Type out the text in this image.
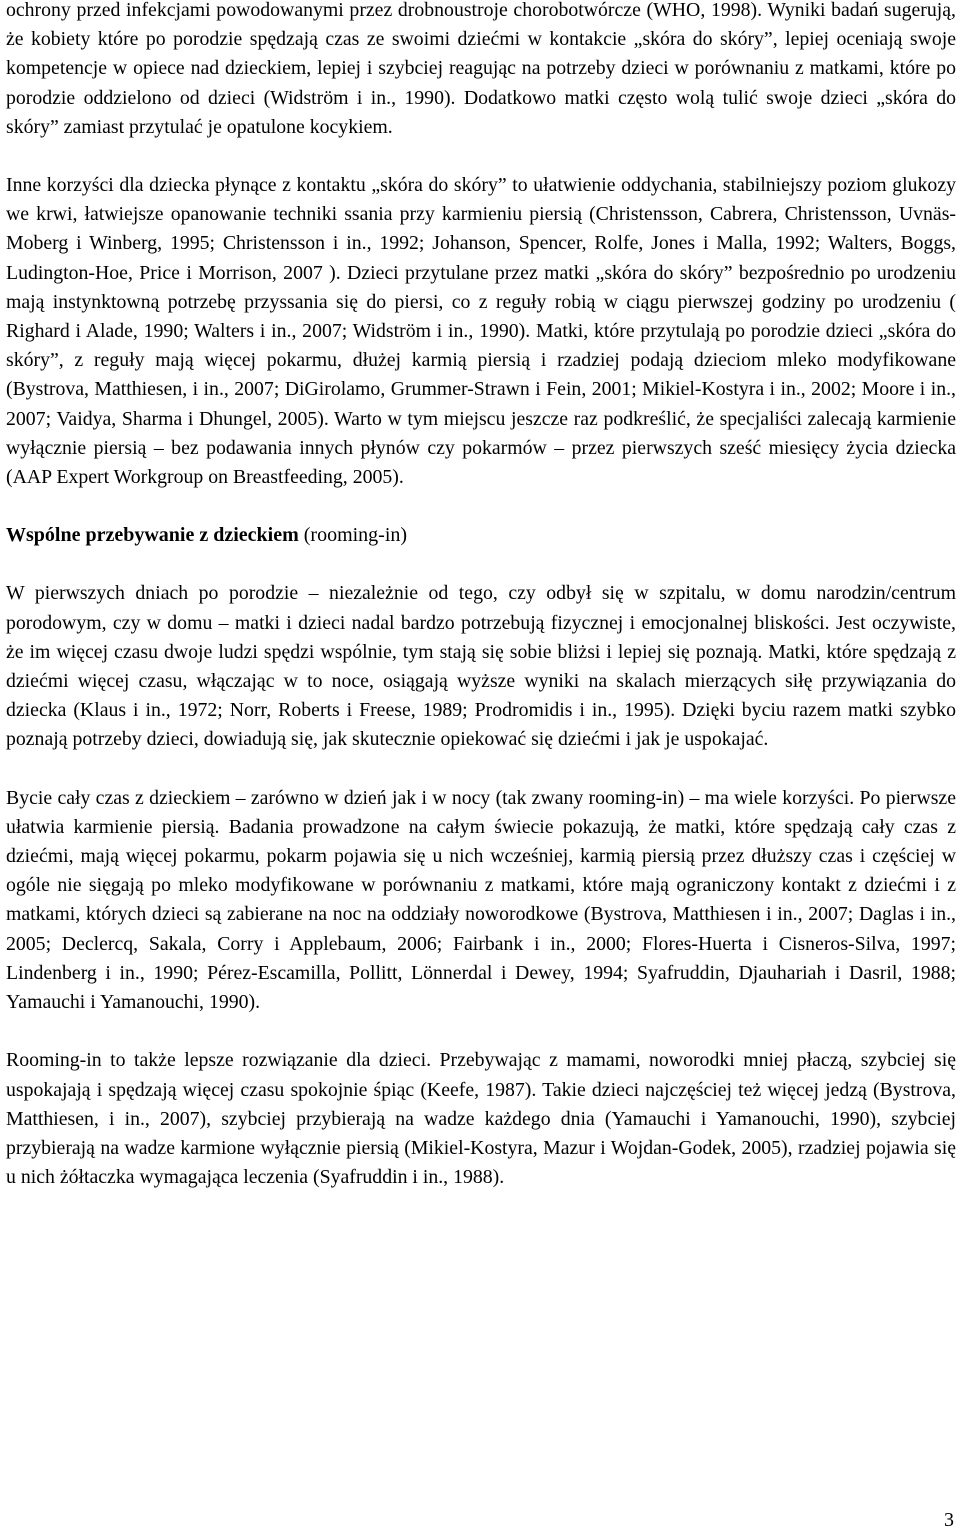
ochrony przed infekcjami powodowanymi przez drobnoustroje chorobotwórcze (WHO, 1998). Wyniki badań sugerują, że kobiety które po porodzie spędzają czas ze swoimi dziećmi w kontakcie „skóra do skóry”, lepiej oceniają swoje kompetencje w opiece nad dzieckiem, lepiej i szybciej reagując na potrzeby dzieci w porównaniu z matkami, które po porodzie oddzielono od dzieci (Widström i in., 1990). Dodatkowo matki często wolą tulić swoje dzieci „skóra do skóry” zamiast przytulać je opatulone kocykiem.

Inne korzyści dla dziecka płynące z kontaktu „skóra do skóry” to ułatwienie oddychania, stabilniejszy poziom glukozy we krwi, łatwiejsze opanowanie techniki ssania przy karmieniu piersią (Christensson, Cabrera, Christensson, Uvnäs-Moberg i Winberg, 1995; Christensson i in., 1992; Johanson, Spencer, Rolfe, Jones i Malla, 1992; Walters, Boggs, Ludington-Hoe, Price i Morrison, 2007 ). Dzieci przytulane przez matki „skóra do skóry” bezpośrednio po urodzeniu mają instynktowną potrzebę przyssania się do piersi, co z reguły robią w ciągu pierwszej godziny po urodzeniu ( Righard i Alade, 1990; Walters i in., 2007; Widström i in., 1990). Matki, które przytulają po porodzie dzieci „skóra do skóry”, z reguły mają więcej pokarmu, dłużej karmią piersią i rzadziej podają dzieciom mleko modyfikowane (Bystrova, Matthiesen, i in., 2007; DiGirolamo, Grummer-Strawn i Fein, 2001; Mikiel-Kostyra i in., 2002; Moore i in., 2007; Vaidya, Sharma i Dhungel, 2005). Warto w tym miejscu jeszcze raz podkreślić, że specjaliści zalecają karmienie wyłącznie piersią – bez podawania innych płynów czy pokarmów – przez pierwszych sześć miesięcy życia dziecka (AAP Expert Workgroup on Breastfeeding, 2005).

Wspólne przebywanie z dzieckiem (rooming-in)

W pierwszych dniach po porodzie – niezależnie od tego, czy odbył się w szpitalu, w domu narodzin/centrum porodowym, czy w domu – matki i dzieci nadal bardzo potrzebują fizycznej i emocjonalnej bliskości. Jest oczywiste, że im więcej czasu dwoje ludzi spędzi wspólnie, tym stają się sobie bliżsi i lepiej się poznają. Matki, które spędzają z dziećmi więcej czasu, włączając w to noce, osiągają wyższe wyniki na skalach mierzących siłę przywiązania do dziecka (Klaus i in., 1972; Norr, Roberts i Freese, 1989; Prodromidis i in., 1995). Dzięki byciu razem matki szybko poznają potrzeby dzieci, dowiadują się, jak skutecznie opiekować się dziećmi i jak je uspokajać.

Bycie cały czas z dzieckiem – zarówno w dzień jak i w nocy (tak zwany rooming-in) – ma wiele korzyści. Po pierwsze ułatwia karmienie piersią. Badania prowadzone na całym świecie pokazują, że matki, które spędzają cały czas z dziećmi, mają więcej pokarmu, pokarm pojawia się u nich wcześniej, karmią piersią przez dłuższy czas i częściej w ogóle nie sięgają po mleko modyfikowane w porównaniu z matkami, które mają ograniczony kontakt z dziećmi i z matkami, których dzieci są zabierane na noc na oddziały noworodkowe (Bystrova, Matthiesen i in., 2007; Daglas i in., 2005; Declercq, Sakala, Corry i Applebaum, 2006; Fairbank i in., 2000; Flores-Huerta i Cisneros-Silva, 1997; Lindenberg i in., 1990; Pérez-Escamilla, Pollitt, Lönnerdal i Dewey, 1994; Syafruddin, Djauhariah i Dasril, 1988; Yamauchi i Yamanouchi, 1990).

Rooming-in to także lepsze rozwiązanie dla dzieci. Przebywając z mamami, noworodki mniej płaczą, szybciej się uspokajają i spędzają więcej czasu spokojnie śpiąc (Keefe, 1987). Takie dzieci najczęściej też więcej jedzą (Bystrova, Matthiesen, i in., 2007), szybciej przybierają na wadze każdego dnia (Yamauchi i Yamanouchi, 1990), szybciej przybierają na wadze karmione wyłącznie piersią (Mikiel-Kostyra, Mazur i Wojdan-Godek, 2005), rzadziej pojawia się u nich żółtaczka wymagająca leczenia (Syafruddin i in., 1988).

3
